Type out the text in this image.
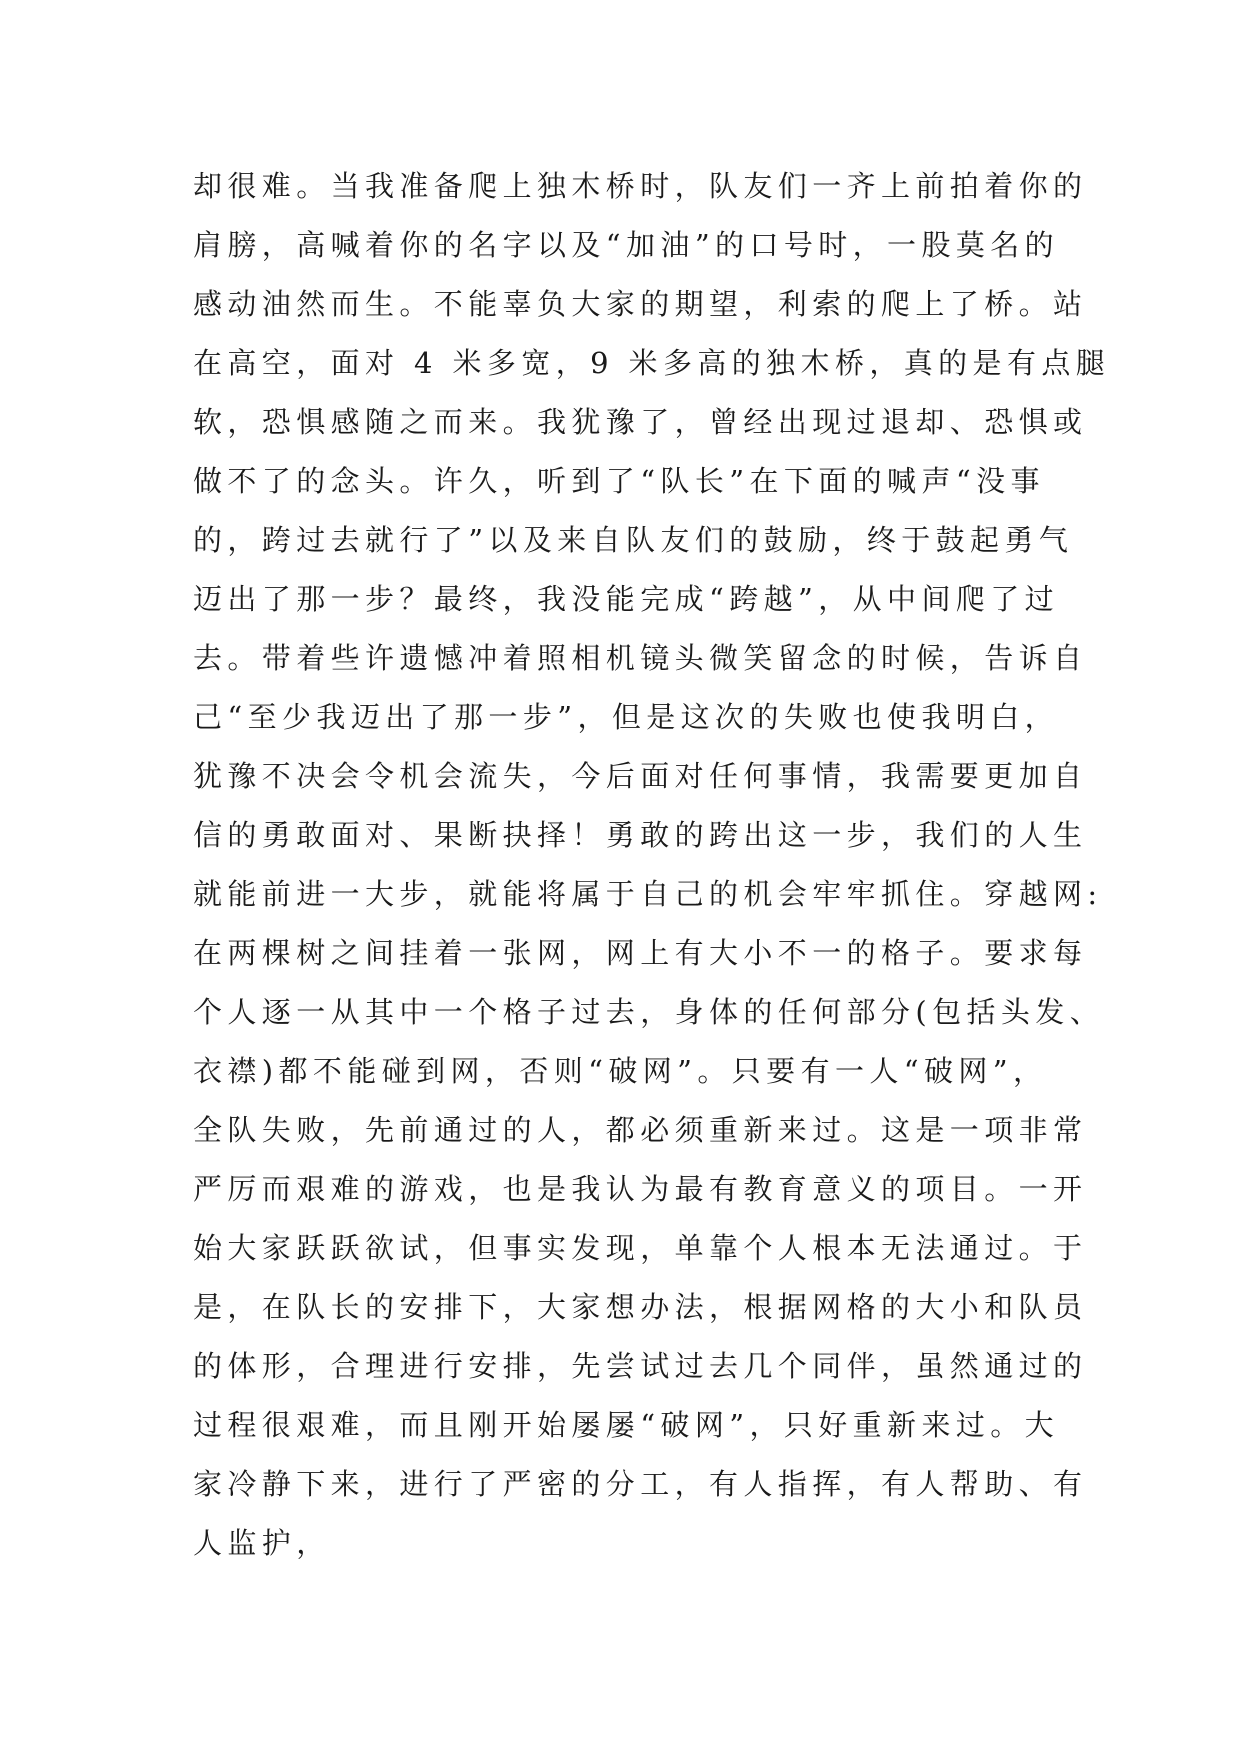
却很难。当我准备爬上独木桥时，队友们一齐上前拍着你的
肩膀，高喊着你的名字以及“加油”的口号时，一股莫名的
感动油然而生。不能辜负大家的期望，利索的爬上了桥。站
在高空，面对 4 米多宽，9 米多高的独木桥，真的是有点腿
软，恐惧感随之而来。我犹豫了，曾经出现过退却、恐惧或
做不了的念头。许久，听到了“队长”在下面的喊声“没事
的，跨过去就行了”以及来自队友们的鼓励，终于鼓起勇气
迈出了那一步？最终，我没能完成“跨越”，从中间爬了过
去。带着些许遗憾冲着照相机镜头微笑留念的时候，告诉自
己“至少我迈出了那一步”，但是这次的失败也使我明白，
犹豫不决会令机会流失，今后面对任何事情，我需要更加自
信的勇敢面对、果断抉择！勇敢的跨出这一步，我们的人生
就能前进一大步，就能将属于自己的机会牢牢抓住。穿越网:
在两棵树之间挂着一张网，网上有大小不一的格子。要求每
个人逐一从其中一个格子过去，身体的任何部分(包括头发、
衣襟)都不能碰到网，否则“破网”。只要有一人“破网”，
全队失败，先前通过的人，都必须重新来过。这是一项非常
严厉而艰难的游戏，也是我认为最有教育意义的项目。一开
始大家跃跃欲试，但事实发现，单靠个人根本无法通过。于
是，在队长的安排下，大家想办法，根据网格的大小和队员
的体形，合理进行安排，先尝试过去几个同伴，虽然通过的
过程很艰难，而且刚开始屡屡“破网”，只好重新来过。大
家冷静下来，进行了严密的分工，有人指挥，有人帮助、有
人监护，
